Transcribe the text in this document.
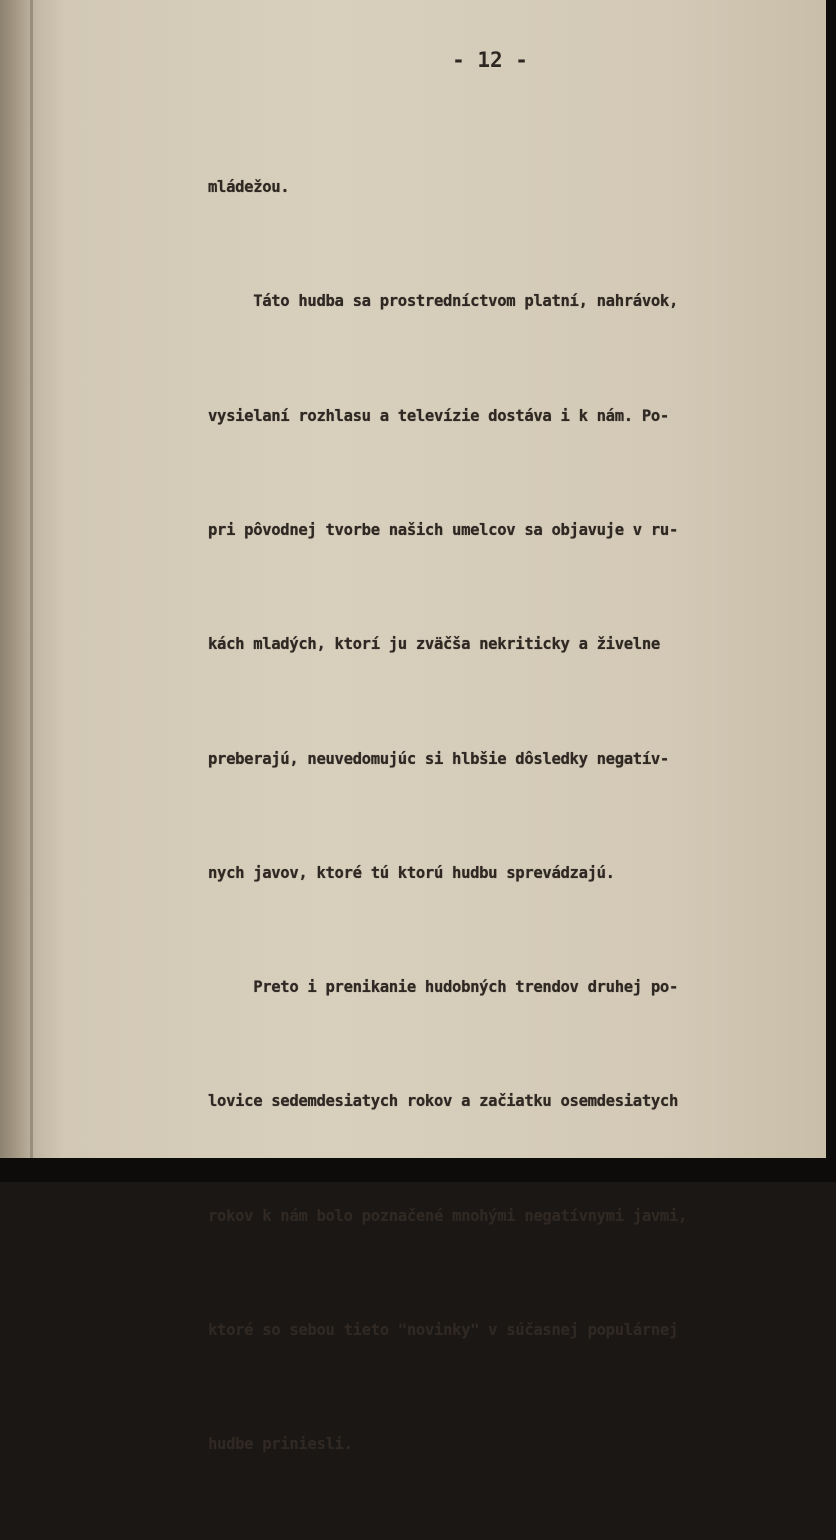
- 12 -

mládežou.

Táto hudba sa prostredníctvom platní, nahrávok,

vysielaní rozhlasu a televízie dostáva i k nám. Po-

pri pôvodnej tvorbe našich umelcov sa objavuje v ru-

kách mladých, ktorí ju zväčša nekriticky a živelne

preberajú, neuvedomujúc si hlbšie dôsledky negatív-

nych javov, ktoré tú ktorú hudbu sprevádzajú.

Preto i prenikanie hudobných trendov druhej po-

lovice sedemdesiatych rokov a začiatku osemdesiatych

rokov k nám bolo poznačené mnohými negatívnymi javmi,

ktoré so sebou tieto "novinky" v súčasnej populárnej

hudbe priniesli.
